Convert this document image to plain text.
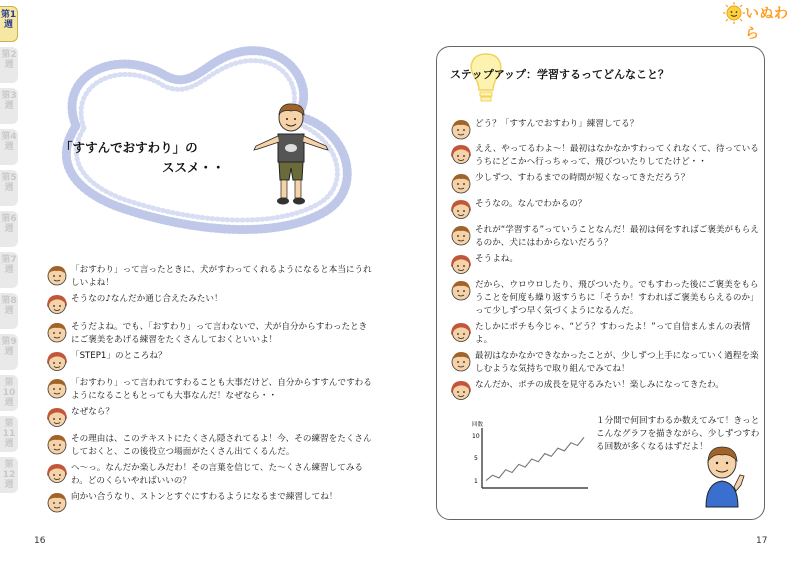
いぬわら
第1週
第2週
第3週
第4週
第5週
第6週
第7週
第8週
第9週
第10週
第11週
第12週
「すすんでおすわり」の
ススメ・・
「おすわり」って言ったときに、犬がすわってくれるようになると本当にうれしいよね！
そうなの♪なんだか通じ合えたみたい！
そうだよね。でも、「おすわり」って言わないで、犬が自分からすわったときにご褒美をあげる練習をたくさんしておくといいよ！
「STEP1」のところね？
「おすわり」って言われてすわることも大事だけど、自分からすすんですわるようになることもとっても大事なんだ！なぜなら・・
なぜなら？
その理由は、このテキストにたくさん隠されてるよ！今、その練習をたくさんしておくと、この後役立つ場面がたくさん出てくるんだ。
へ～っ。なんだか楽しみだわ！その言葉を信じて、た～くさん練習してみるわ。どのくらいやればいいの？
向かい合うなり、ストンとすぐにすわるようになるまで練習してね！
16
ステップアップ：学習するってどんなこと？
どう？「すすんでおすわり」練習してる？
ええ、やってるわよ～！最初はなかなかすわってくれなくて、待っているうちにどこかへ行っちゃって、飛びついたりしてたけど・・
少しずつ、すわるまでの時間が短くなってきただろう？
そうなの。なんでわかるの？
それが“学習する”っていうことなんだ！最初は何をすればご褒美がもらえるのか、犬にはわからないだろう？
そうよね。
だから、ウロウロしたり、飛びついたり。でもすわった後にご褒美をもらうことを何度も繰り返すうちに「そうか！すわればご褒美もらえるのか」って少しずつ早く気づくようになるんだ。
たしかにポチも今じゃ、“どう？すわったよ！”って自信まんまんの表情よ。
最初はなかなかできなかったことが、少しずつ上手になっていく過程を楽しむような気持ちで取り組んでみてね！
なんだか、ポチの成長を見守るみたい！楽しみになってきたわ。
回数
10
5
1
１分間で何回すわるか数えてみて！きっとこんなグラフを描きながら、少しずつすわる回数が多くなるはずだよ！
17
